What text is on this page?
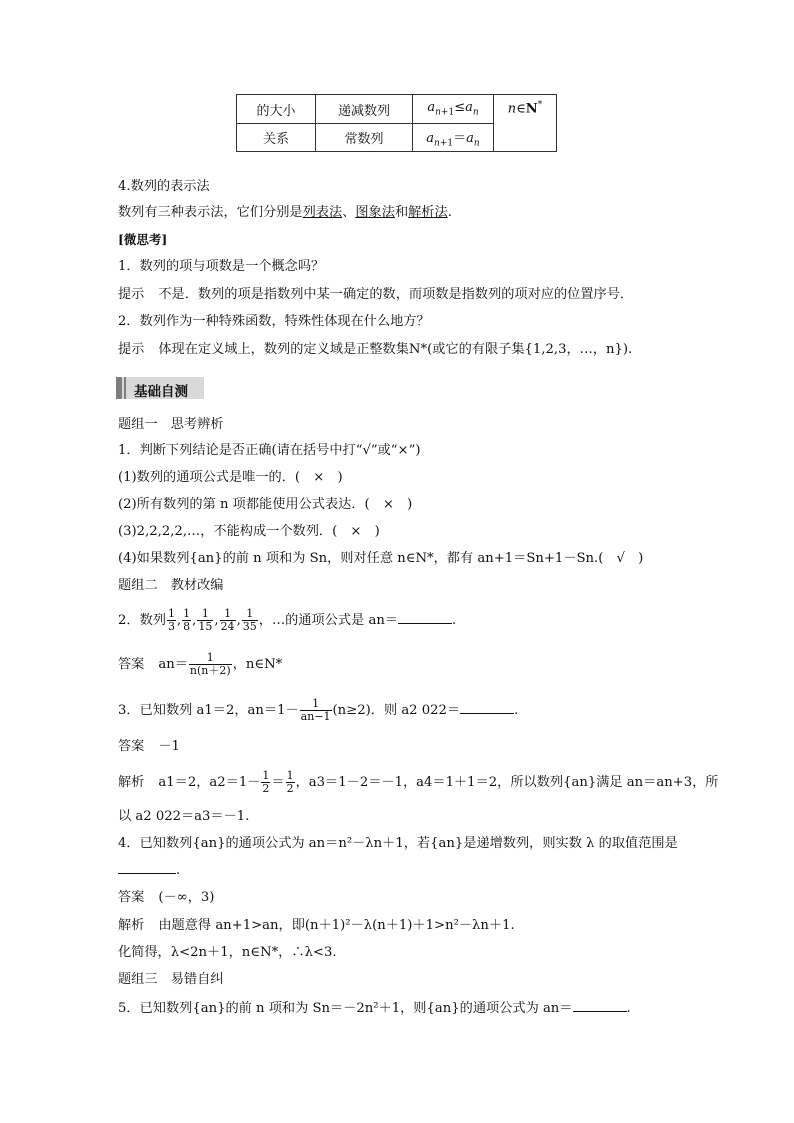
的大小	递减数列	$a_{n+1}\le a_n$	n∈N*
关系	常数列	$a_{n+1}=a_n$
4.数列的表示法
数列有三种表示法，它们分别是列表法、图象法和解析法.
[微思考]
1．数列的项与项数是一个概念吗？
提示 不是．数列的项是指数列中某一确定的数，而项数是指数列的项对应的位置序号．
2．数列作为一种特殊函数，特殊性体现在什么地方？
提示 体现在定义域上，数列的定义域是正整数集N*(或它的有限子集{1,2,3，…，n}).
基础自测
题组一　思考辨析
1．判断下列结论是否正确(请在括号中打“√”或“×”)
(1)数列的通项公式是唯一的．(　×　)
(2)所有数列的第 n 项都能使用公式表达．(　×　)
(3)2,2,2,2,…，不能构成一个数列．(　×　)
(4)如果数列{an}的前 n 项和为 Sn，则对任意 n∈N*，都有 an+1＝Sn+1－Sn.(　√　)
题组二　教材改编
2．数列 $\frac{1}{3}$ , $\frac{1}{8}$ , $\frac{1}{15}$ , $\frac{1}{24}$ , $\frac{1}{35}$ ，…的通项公式是 an＝	.
答案 $an= \frac{1}{n(n+2)}$ ，n∈N*
3．已知数列 a1＝2，$an=1- \frac{1}{an-1} (n\ge 2)$．则 a2 022＝	.
答案 －1
解析 a1＝2，$a2=1- \frac{1}{2} = \frac{1}{2}$ ，a3＝1－2＝－1，a4＝1＋1＝2，所以数列{an}满足 an＝an+3，所
以 a2 022＝a3＝－1.
4．已知数列{an}的通项公式为 an＝n²－λn＋1，若{an}是递增数列，则实数 λ 的取值范围是
.
答案 (－∞，3)
解析 由题意得 an+1>an，即(n＋1)²－λ(n＋1)＋1>n²－λn＋1.
化简得，λ<2n＋1，n∈N*，∴λ<3.
题组三　易错自纠
5．已知数列{an}的前 n 项和为 Sn＝－2n²＋1，则{an}的通项公式为 an＝	.
